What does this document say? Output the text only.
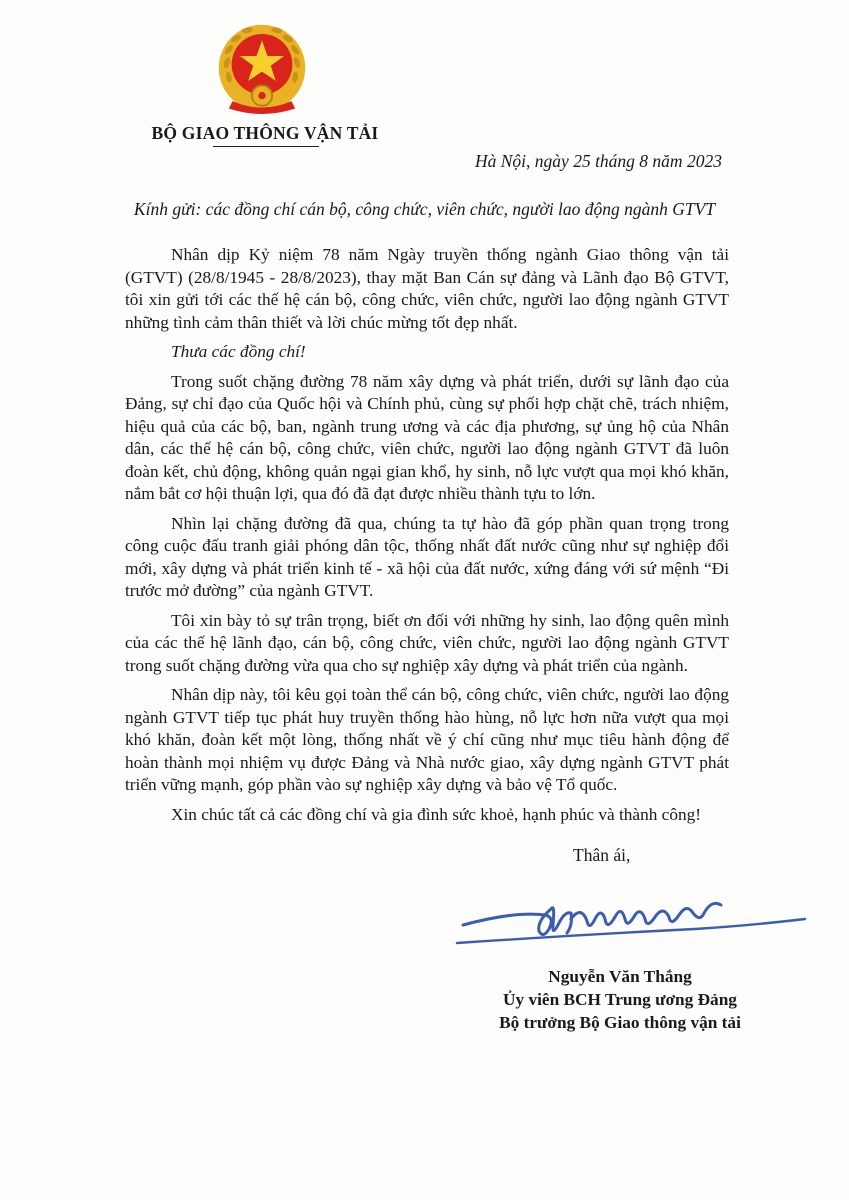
BỘ GIAO THÔNG VẬN TẢI
Hà Nội, ngày 25 tháng 8 năm 2023
Kính gửi: các đồng chí cán bộ, công chức, viên chức, người lao động ngành GTVT

Nhân dịp Kỷ niệm 78 năm Ngày truyền thống ngành Giao thông vận tải (GTVT) (28/8/1945 - 28/8/2023), thay mặt Ban Cán sự đảng và Lãnh đạo Bộ GTVT, tôi xin gửi tới các thế hệ cán bộ, công chức, viên chức, người lao động ngành GTVT những tình cảm thân thiết và lời chúc mừng tốt đẹp nhất.

Thưa các đồng chí!

Trong suốt chặng đường 78 năm xây dựng và phát triển, dưới sự lãnh đạo của Đảng, sự chỉ đạo của Quốc hội và Chính phủ, cùng sự phối hợp chặt chẽ, trách nhiệm, hiệu quả của các bộ, ban, ngành trung ương và các địa phương, sự ủng hộ của Nhân dân, các thế hệ cán bộ, công chức, viên chức, người lao động ngành GTVT đã luôn đoàn kết, chủ động, không quản ngại gian khổ, hy sinh, nỗ lực vượt qua mọi khó khăn, nắm bắt cơ hội thuận lợi, qua đó đã đạt được nhiều thành tựu to lớn.

Nhìn lại chặng đường đã qua, chúng ta tự hào đã góp phần quan trọng trong công cuộc đấu tranh giải phóng dân tộc, thống nhất đất nước cũng như sự nghiệp đổi mới, xây dựng và phát triển kinh tế - xã hội của đất nước, xứng đáng với sứ mệnh “Đi trước mở đường” của ngành GTVT.

Tôi xin bày tỏ sự trân trọng, biết ơn đối với những hy sinh, lao động quên mình của các thế hệ lãnh đạo, cán bộ, công chức, viên chức, người lao động ngành GTVT trong suốt chặng đường vừa qua cho sự nghiệp xây dựng và phát triển của ngành.

Nhân dịp này, tôi kêu gọi toàn thể cán bộ, công chức, viên chức, người lao động ngành GTVT tiếp tục phát huy truyền thống hào hùng, nỗ lực hơn nữa vượt qua mọi khó khăn, đoàn kết một lòng, thống nhất về ý chí cũng như mục tiêu hành động để hoàn thành mọi nhiệm vụ được Đảng và Nhà nước giao, xây dựng ngành GTVT phát triển vững mạnh, góp phần vào sự nghiệp xây dựng và bảo vệ Tổ quốc.

Xin chúc tất cả các đồng chí và gia đình sức khoẻ, hạnh phúc và thành công!

Thân ái,
Nguyễn Văn Thắng
Ủy viên BCH Trung ương Đảng
Bộ trưởng Bộ Giao thông vận tải
